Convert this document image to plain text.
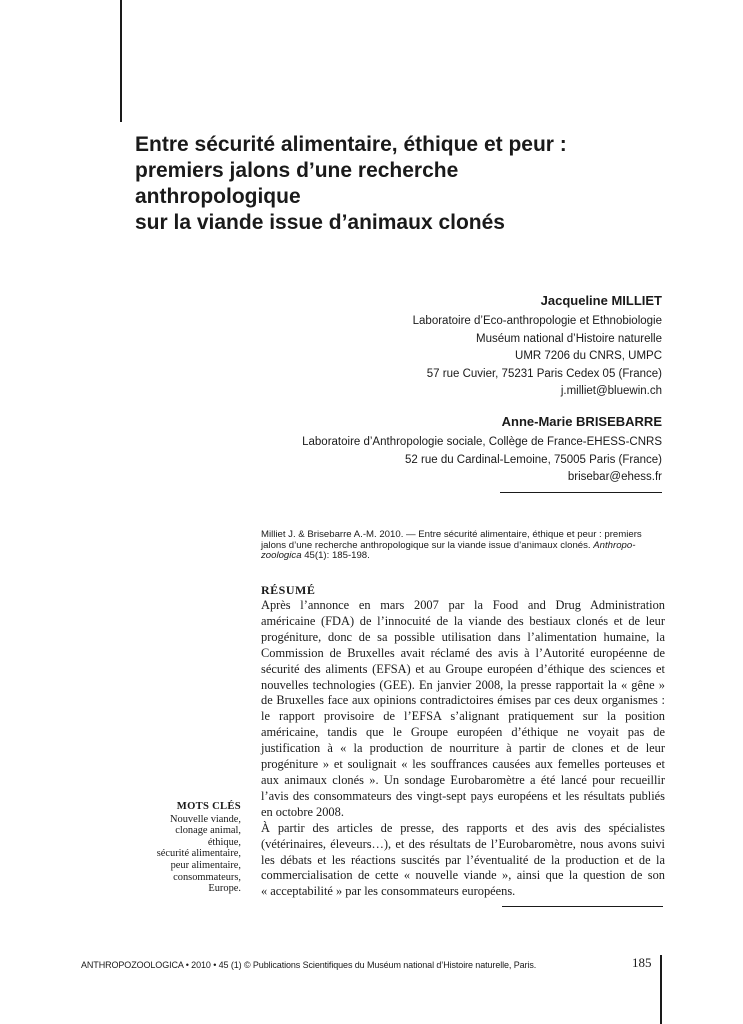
Entre sécurité alimentaire, éthique et peur :
premiers jalons d’une recherche
anthropologique
sur la viande issue d’animaux clonés
Jacqueline MILLIET
Laboratoire d’Eco-anthropologie et Ethnobiologie
Muséum national d’Histoire naturelle
UMR 7206 du CNRS, UMPC
57 rue Cuvier, 75231 Paris Cedex 05 (France)
j.milliet@bluewin.ch
Anne-Marie BRISEBARRE
Laboratoire d’Anthropologie sociale, Collège de France-EHESS-CNRS
52 rue du Cardinal-Lemoine, 75005 Paris (France)
brisebar@ehess.fr
Milliet J. & Brisebarre A.-M. 2010. — Entre sécurité alimentaire, éthique et peur : premiers
jalons d’une recherche anthropologique sur la viande issue d’animaux clonés. Anthropo-
zoologica 45(1): 185-198.
RÉSUMÉ
Après l’annonce en mars 2007 par la Food and Drug Administration
américaine (FDA) de l’innocuité de la viande des bestiaux clonés et de leur
progéniture, donc de sa possible utilisation dans l’alimentation humaine, la
Commission de Bruxelles avait réclamé des avis à l’Autorité européenne de
sécurité des aliments (EFSA) et au Groupe européen d’éthique des sciences et
nouvelles technologies (GEE). En janvier 2008, la presse rapportait la « gêne »
de Bruxelles face aux opinions contradictoires émises par ces deux organismes :
le rapport provisoire de l’EFSA s’alignant pratiquement sur la position
américaine, tandis que le Groupe européen d’éthique ne voyait pas de
justification à « la production de nourriture à partir de clones et de leur
progéniture » et soulignait « les souffrances causées aux femelles porteuses et
aux animaux clonés ». Un sondage Eurobaromètre a été lancé pour recueillir
l’avis des consommateurs des vingt-sept pays européens et les résultats publiés
en octobre 2008.
À partir des articles de presse, des rapports et des avis des spécialistes
(vétérinaires, éleveurs…), et des résultats de l’Eurobaromètre, nous avons suivi
les débats et les réactions suscités par l’éventualité de la production et de la
commercialisation de cette « nouvelle viande », ainsi que la question de son
« acceptabilité » par les consommateurs européens.
MOTS CLÉS
Nouvelle viande,
clonage animal,
éthique,
sécurité alimentaire,
peur alimentaire,
consommateurs,
Europe.
ANTHROPOZOOLOGICA • 2010 • 45 (1) © Publications Scientifiques du Muséum national d’Histoire naturelle, Paris.	185
